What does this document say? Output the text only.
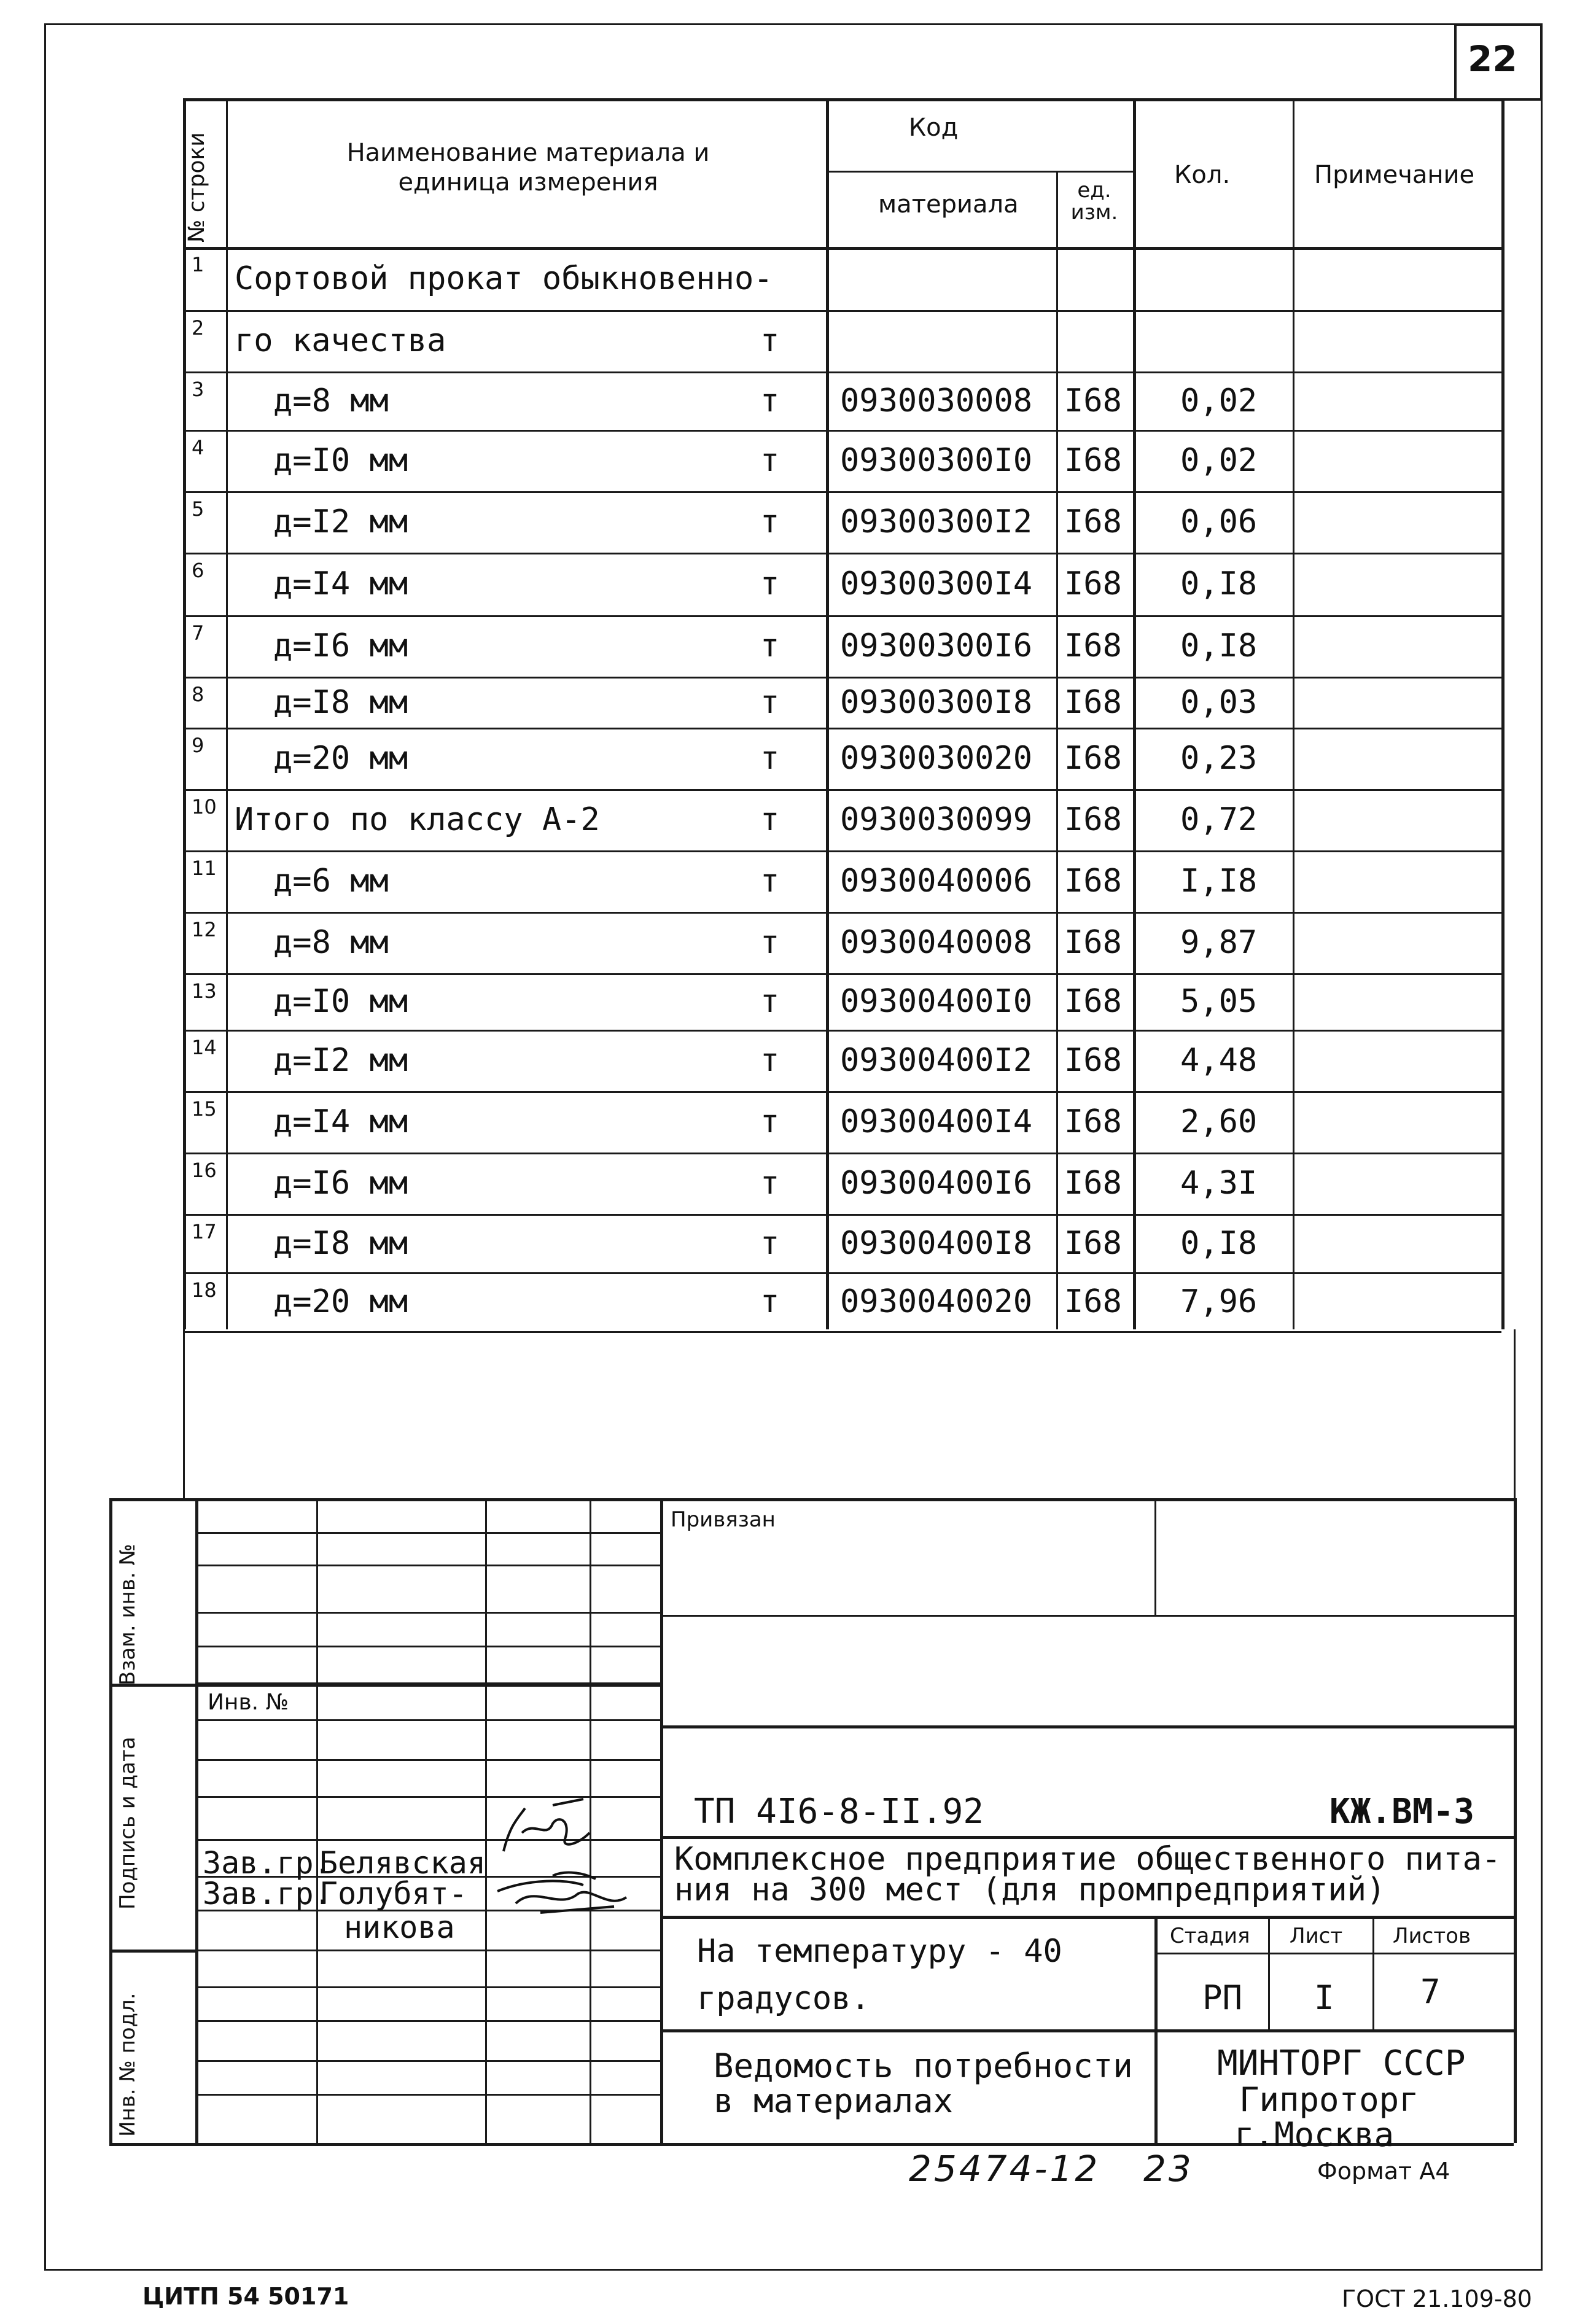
22
№ строки	Наименование материала и единица измерения
Код
материала	ед. изм.
Кол.	Примечание
1 Сортовой прокат обыкновенно-
2 го качества	т
3 д=8 мм	т 0930030008 I68 0,02
4 д=I0 мм	т 09300300I0 I68 0,02
5 д=I2 мм	т 09300300I2 I68 0,06
6 д=I4 мм	т 09300300I4 I68 0,I8
7 д=I6 мм	т 09300300I6 I68 0,I8
8 д=I8 мм	т 09300300I8 I68 0,03
9 д=20 мм	т 0930030020 I68 0,23
10 Итого по классу А-2	т 0930030099 I68 0,72
11 д=6 мм	т 0930040006 I68 I,I8
12 д=8 мм	т 0930040008 I68 9,87
13 д=I0 мм	т 09300400I0 I68 5,05
14 д=I2 мм	т 09300400I2 I68 4,48
15 д=I4 мм	т 09300400I4 I68 2,60
16 д=I6 мм	т 09300400I6 I68 4,3I
17 д=I8 мм	т 09300400I8 I68 0,I8
18 д=20 мм	т 0930040020 I68 7,96
Взам. инв. №
Подпись и дата
Инв. № подл.
Привязан
Инв. №
ТП 4I6-8-II.92	КЖ.ВМ-3
Комплексное предприятие общественного пита-
ния на 300 мест (для промпредприятий)
Зав.гр.
Белявская
Зав.гр.
Голубят-
никова
На температуру - 40
градусов.
Стадия Лист Листов
РП I	7
Ведомость потребности
в материалах
МИНТОРГ СССР
Гипроторг
г.Москва
25474-12 23	Формат А4
ЦИТП 54 50171	ГОСТ 21.109-80
